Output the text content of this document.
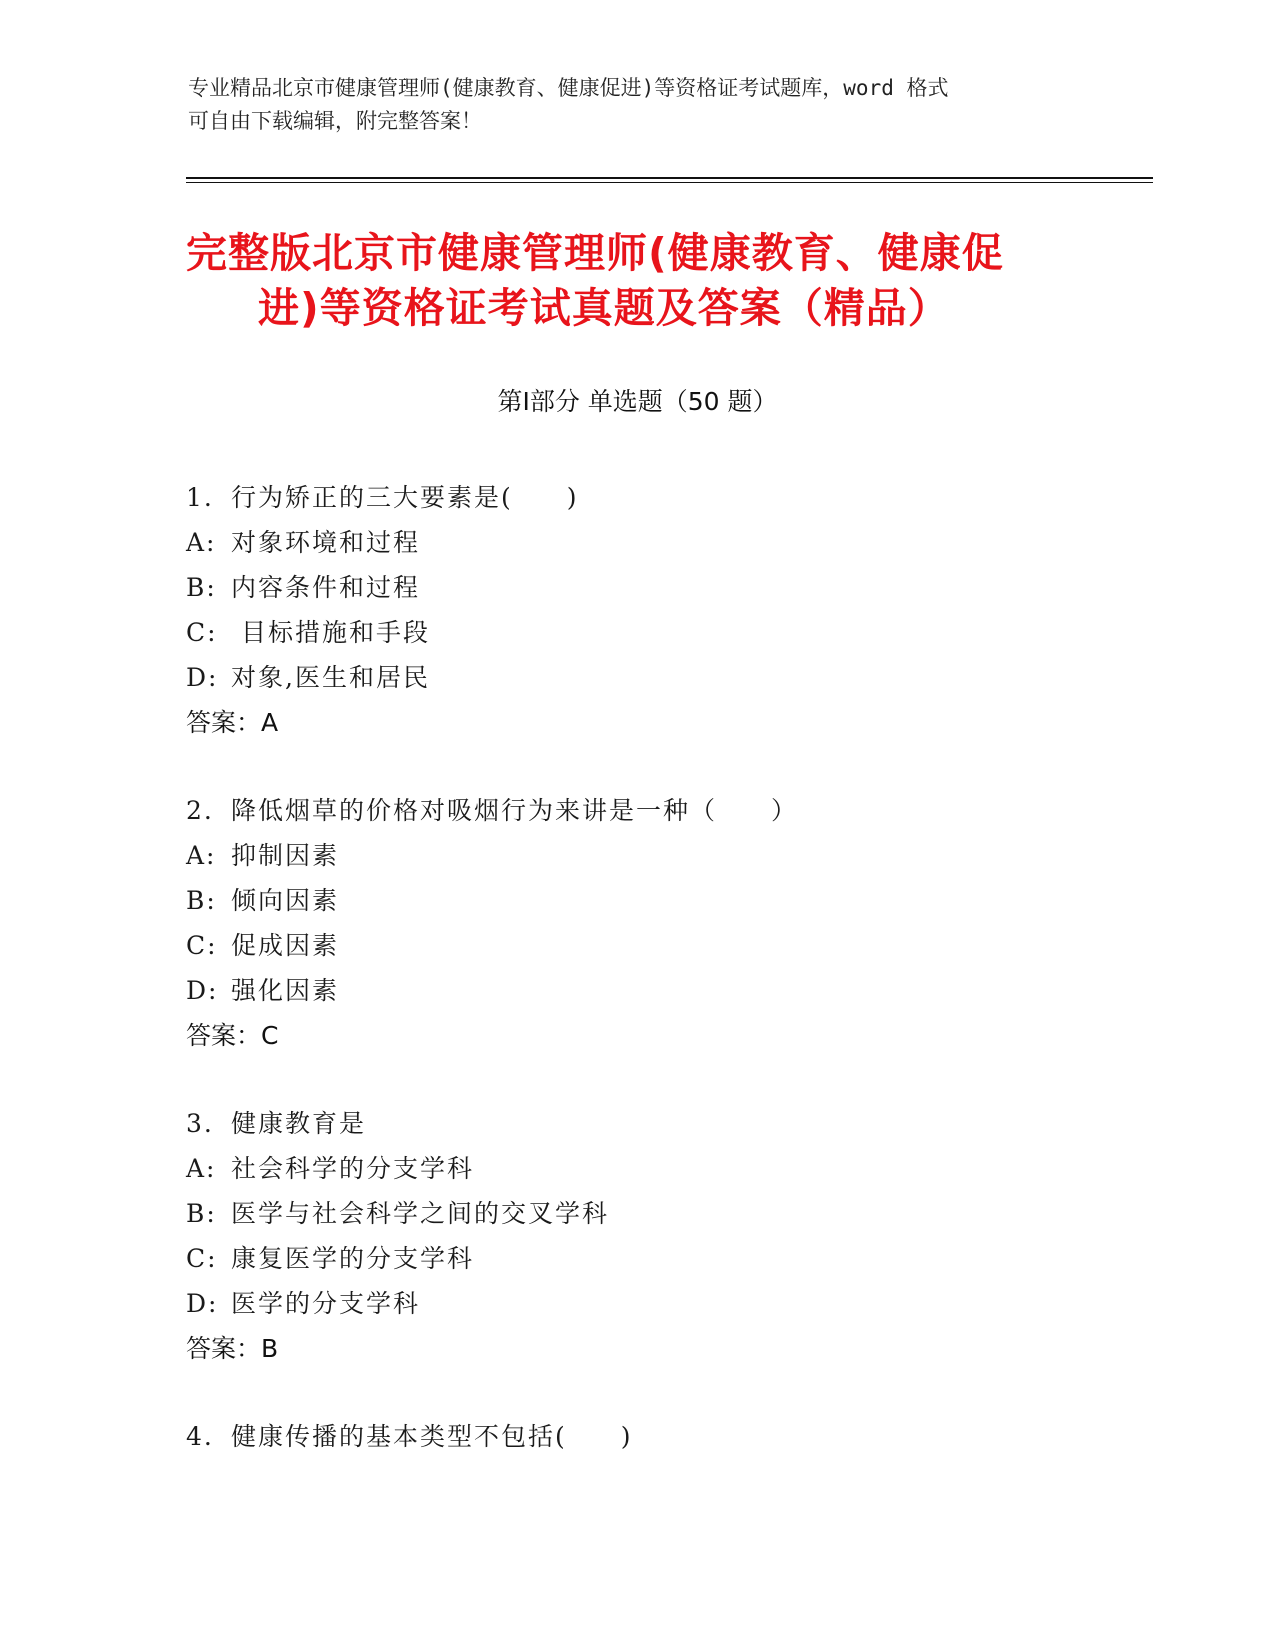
专业精品北京市健康管理师(健康教育、健康促进)等资格证考试题库，word 格式
可自由下载编辑，附完整答案！
完整版北京市健康管理师(健康教育、健康促
进)等资格证考试真题及答案（精品）
第Ⅰ部分 单选题（50 题）
1. 行为矫正的三大要素是(　　)
A: 对象环境和过程
B: 内容条件和过程
C: 目标措施和手段
D: 对象,医生和居民
答案：A
2. 降低烟草的价格对吸烟行为来讲是一种（　　）
A: 抑制因素
B: 倾向因素
C: 促成因素
D: 强化因素
答案：C
3. 健康教育是
A: 社会科学的分支学科
B: 医学与社会科学之间的交叉学科
C: 康复医学的分支学科
D: 医学的分支学科
答案：B
4. 健康传播的基本类型不包括(　　)
